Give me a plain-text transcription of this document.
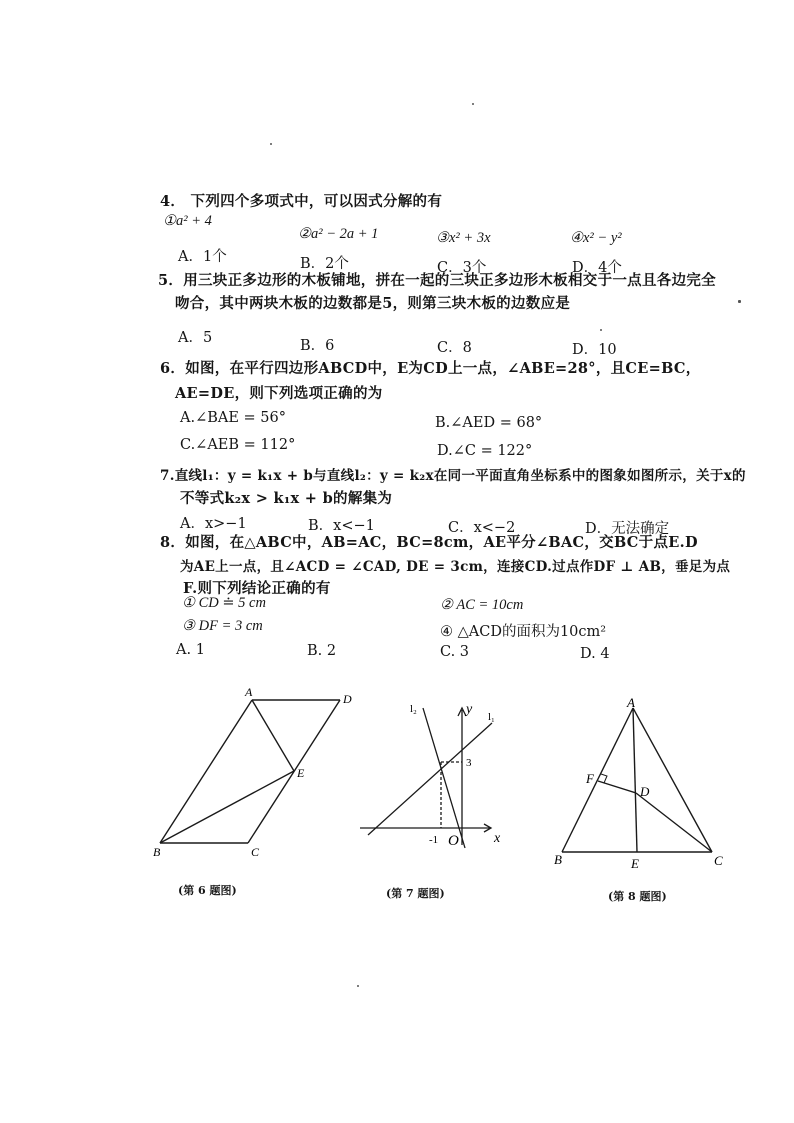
4． 下列四个多项式中，可以因式分解的有
①a² + 4
②a² − 2a + 1	③x² + 3x	④x² − y²
A．1个	B．2个	C．3个	D．4个
5．用三块正多边形的木板铺地，拼在一起的三块正多边形木板相交于一点且各边完全
吻合，其中两块木板的边数都是5，则第三块木板的边数应是
A．5	B．6	C．8	D．10
6．如图，在平行四边形ABCD中，E为CD上一点，∠ABE=28°，且CE=BC，
AE=DE，则下列选项正确的为
A.∠BAE = 56°	B.∠AED = 68°
C.∠AEB = 112°	D.∠C = 122°
7.直线l₁：y = k₁x + b与直线l₂：y = k₂x在同一平面直角坐标系中的图象如图所示，关于x的
不等式k₂x > k₁x + b的解集为
A．x>−1	B．x<−1	C．x<−2	D．无法确定
8．如图，在△ABC中，AB=AC，BC=8cm，AE平分∠BAC，交BC于点E.D
为AE上一点，且∠ACD = ∠CAD, DE = 3cm，连接CD.过点作DF ⊥ AB，垂足为点
F.则下列结论正确的有
① CD ≐ 5 cm	② AC = 10cm
③ DF = 3 cm	④ △ACD的面积为10cm²
A. 1	B. 2	C. 3	D. 4
A	D
E
B	C
l₂	y l₁
3
-1 O	x
A
F
D
B	E	C
(第 6 题图)	(第 7 题图)	(第 8 题图)
